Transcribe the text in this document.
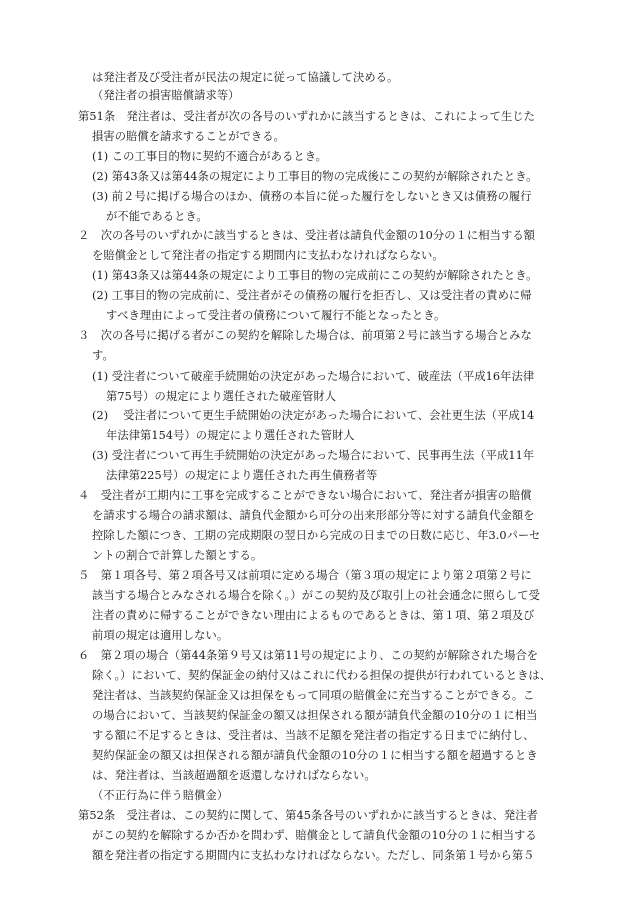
は発注者及び受注者が民法の規定に従って協議して決める。
（発注者の損害賠償請求等）
第51条　発注者は、受注者が次の各号のいずれかに該当するときは、これによって生じた
損害の賠償を請求することができる。
(1) この工事目的物に契約不適合があるとき。
(2) 第43条又は第44条の規定により工事目的物の完成後にこの契約が解除されたとき。
(3) 前２号に掲げる場合のほか、債務の本旨に従った履行をしないとき又は債務の履行
が不能であるとき。
２　次の各号のいずれかに該当するときは、受注者は請負代金額の10分の１に相当する額
を賠償金として発注者の指定する期間内に支払わなければならない。
(1) 第43条又は第44条の規定により工事目的物の完成前にこの契約が解除されたとき。
(2) 工事目的物の完成前に、受注者がその債務の履行を拒否し、又は受注者の責めに帰
すべき理由によって受注者の債務について履行不能となったとき。
３　次の各号に掲げる者がこの契約を解除した場合は、前項第２号に該当する場合とみな
す。
(1) 受注者について破産手続開始の決定があった場合において、破産法（平成16年法律
第75号）の規定により選任された破産管財人
(2)　 受注者について更生手続開始の決定があった場合において、会社更生法（平成14
年法律第154号）の規定により選任された管財人
(3) 受注者について再生手続開始の決定があった場合において、民事再生法（平成11年
法律第225号）の規定により選任された再生債務者等
４　受注者が工期内に工事を完成することができない場合において、発注者が損害の賠償
を請求する場合の請求額は、請負代金額から可分の出来形部分等に対する請負代金額を
控除した額につき、工期の完成期限の翌日から完成の日までの日数に応じ、年3.0パーセ
ントの割合で計算した額とする。
５　第１項各号、第２項各号又は前項に定める場合（第３項の規定により第２項第２号に
該当する場合とみなされる場合を除く。）がこの契約及び取引上の社会通念に照らして受
注者の責めに帰することができない理由によるものであるときは、第１項、第２項及び
前項の規定は適用しない。
６　第２項の場合（第44条第９号又は第11号の規定により、この契約が解除された場合を
除く。）において、契約保証金の納付又はこれに代わる担保の提供が行われているときは、
発注者は、当該契約保証金又は担保をもって同項の賠償金に充当することができる。こ
の場合において、当該契約保証金の額又は担保される額が請負代金額の10分の１に相当
する額に不足するときは、受注者は、当該不足額を発注者の指定する日までに納付し、
契約保証金の額又は担保される額が請負代金額の10分の１に相当する額を超過するとき
は、発注者は、当該超過額を返還しなければならない。
（不正行為に伴う賠償金）
第52条　受注者は、この契約に関して、第45条各号のいずれかに該当するときは、発注者
がこの契約を解除するか否かを問わず、賠償金として請負代金額の10分の１に相当する
額を発注者の指定する期間内に支払わなければならない。ただし、同条第１号から第５
